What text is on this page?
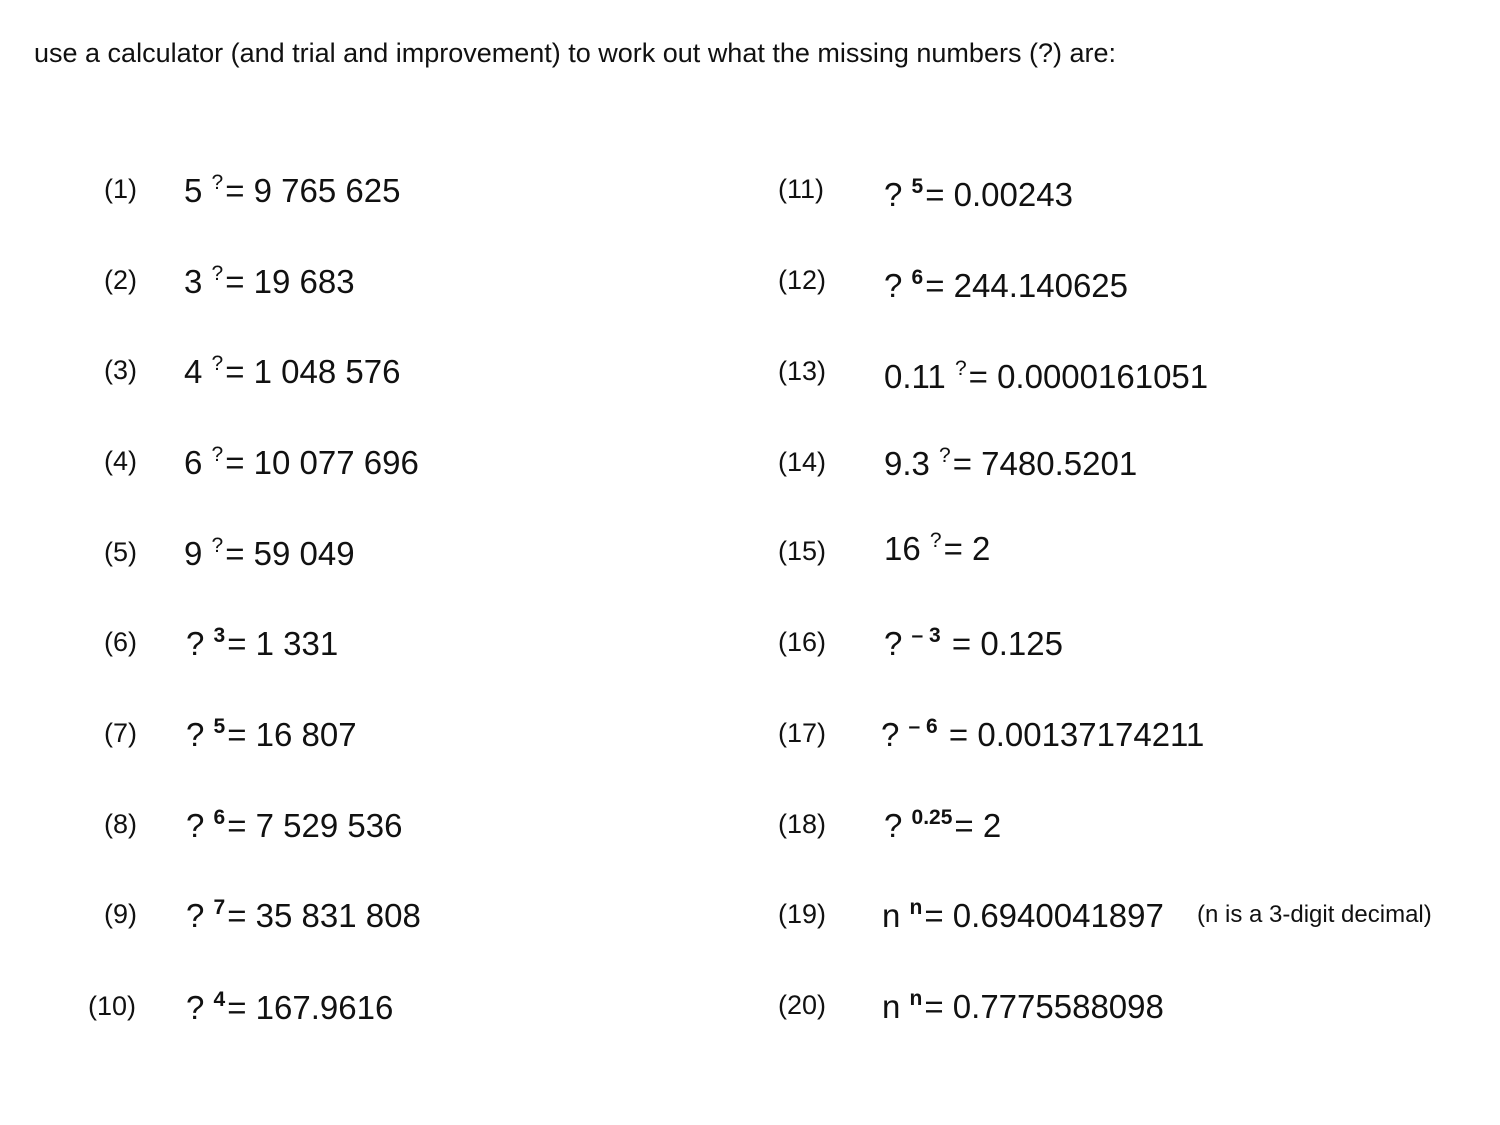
use a calculator (and trial and improvement) to work out what the missing numbers (?) are:
(1) 5 ?= 9 765 625
(2) 3 ?= 19 683
(3) 4 ?= 1 048 576
(4) 6 ?= 10 077 696
(5) 9 ?= 59 049
(6) ? $^3$= 1 331
(7) ? $^5$= 16 807
(8) ? $^6$= 7 529 536
(9) ? $^7$= 35 831 808
(10) ? $^4$= 167.9616
(11) ? $^5$= 0.00243
(12) ? $^6$= 244.140625
(13) 0.11 ?= 0.0000161051
(14) 9.3 ?= 7480.5201
(15) 16 ?= 2
(16) ? $^{- 3}$ = 0.125
(17) ? $^{- 6}$ = 0.00137174211
(18) ? $^{0.25}$= 2
(19) n $^n$= 0.6940041897
(20) n $^n$= 0.7775588098
(n is a 3-digit decimal)
